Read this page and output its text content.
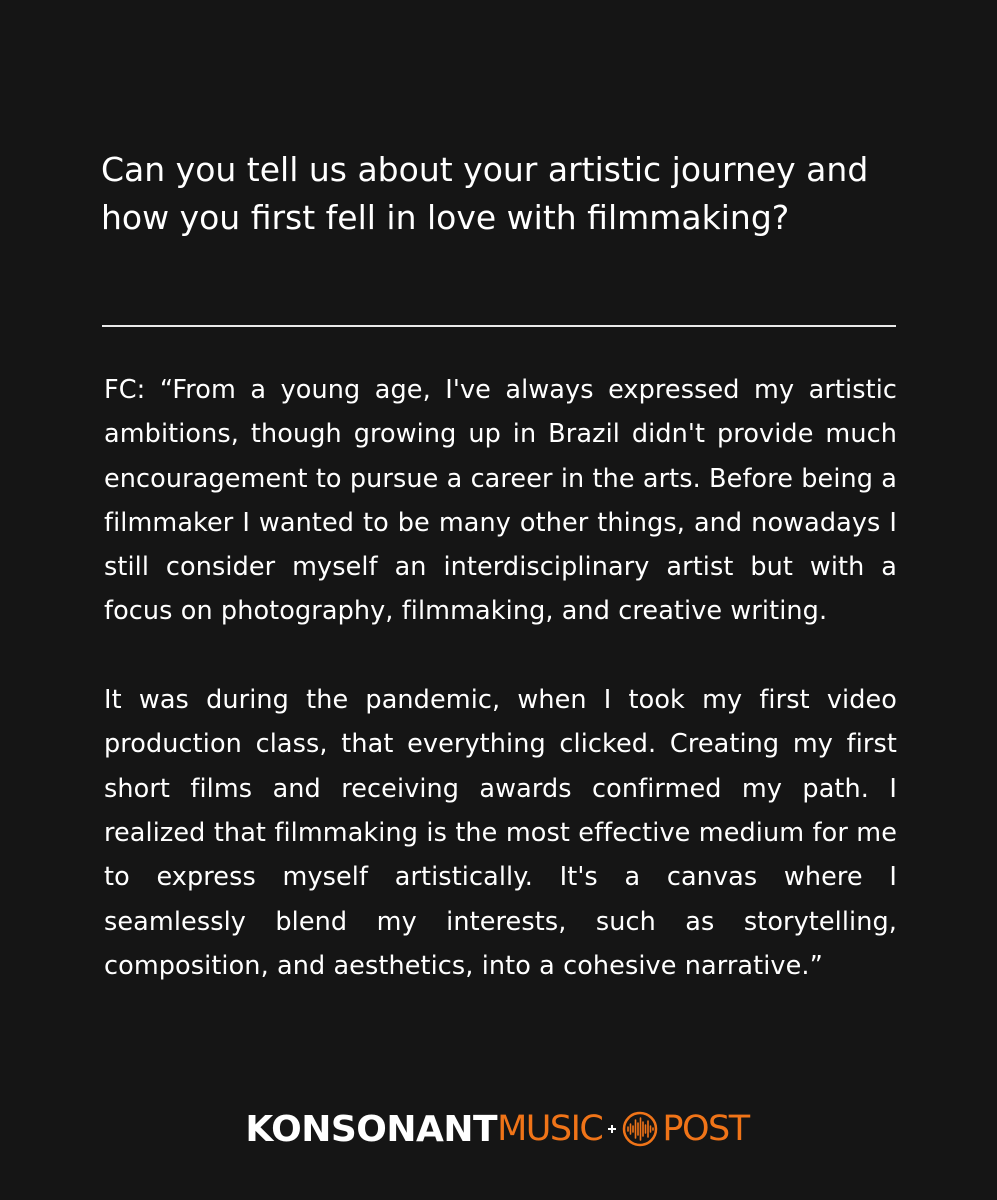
Can you tell us about your artistic journey and how you first fell in love with filmmaking?

FC: “From a young age, I've always expressed my artistic ambitions, though growing up in Brazil didn't provide much encouragement to pursue a career in the arts. Before being a filmmaker I wanted to be many other things, and nowadays I still consider myself an interdisciplinary artist but with a focus on photography, filmmaking, and creative writing.

It was during the pandemic, when I took my first video production class, that everything clicked. Creating my first short films and receiving awards confirmed my path. I realized that filmmaking is the most effective medium for me to express myself artistically. It's a canvas where I seamlessly blend my interests, such as storytelling, composition, and aesthetics, into a cohesive narrative.”

KONSONANT MUSIC POST
